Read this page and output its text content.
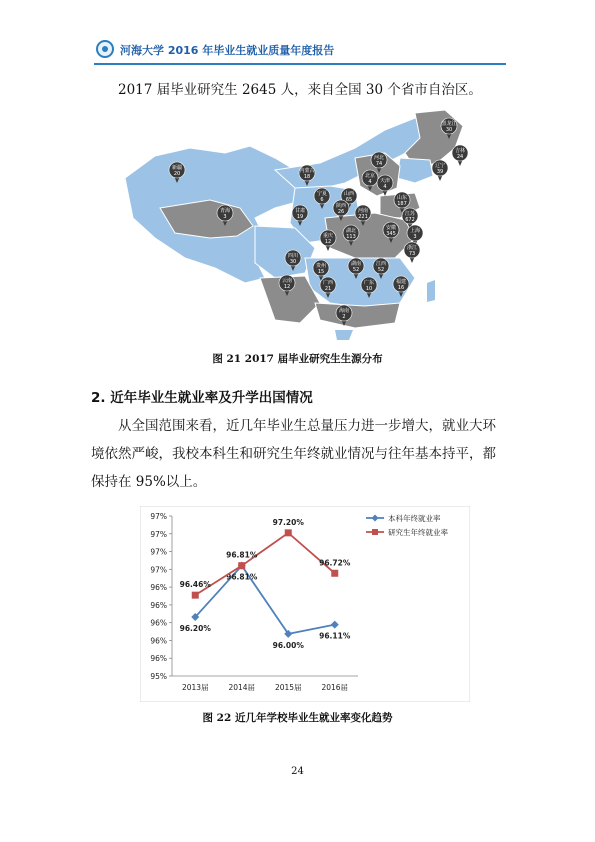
河海大学 2016 年毕业生就业质量年度报告
2017 届毕业研究生 2645 人，来自全国 30 个省市自治区。
黑龙江
30
吉林
24
辽宁
39
内蒙古
18
河北
74
北京
4 天津
4
新疆
20
宁夏
6
山西
65	山东
187
甘肃
19
陕西
26	河南
221	江苏
672
青海
3
湖北
113
安徽
345	上海
3
重庆
12
四川
30
浙江
73
湖南
52
江西
52
贵州
15
云南
12
广西
21
广东
10
福建
16
海南
2
图 21 2017 届毕业研究生生源分布
2. 近年毕业生就业率及升学出国情况
从全国范围来看，近几年毕业生总量压力进一步增大，就业大环
境依然严峻，我校本科生和研究生年终就业情况与往年基本持平，都
保持在 95%以上。
97%
97%
97%
97%
96%
96%
96%
96%
96%
95%
2013届	2014届	2015届	2016届
96.20%
96.81%
96.00%
96.11%
96.46%
96.81%
97.20%
96.72%
本科年终就业率
研究生年终就业率
图 22 近几年学校毕业生就业率变化趋势
24
